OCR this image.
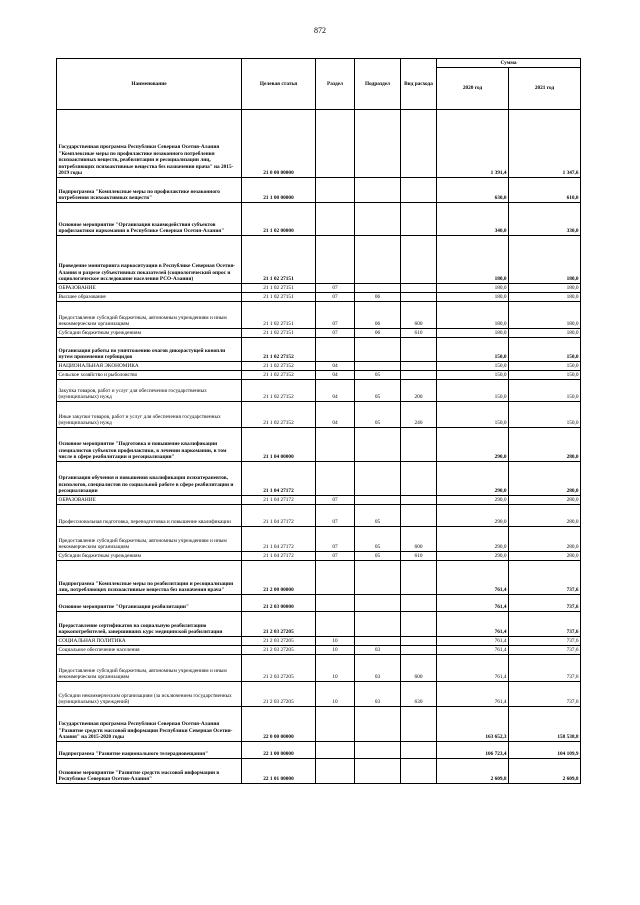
872
Наименование	Целевая статья	Раздел	Подраздел	Вид расхода	Сумма	
					2020 год	2021 год
Государственная программа Республики Северная Осетия-Алания "Комплексные меры по профилактике незаконного потребления психоактивных веществ, реабилитации и ресоциализации лиц, потребляющих психоактивные вещества без назначения врача" на 2015-2019 годы	21 0 00 00000				1 391,4	1 347,6
Подпрограмма "Комплексные меры по профилактике незаконного потребления психоактивных веществ"	21 1 00 00000				630,0	610,0
Основное мероприятие "Организация взаимодействия субъектов профилактики наркомании в Республике Северная Осетия-Алания"	21 1 02 00000				340,0	330,0
Проведение мониторинга наркоситуации в Республике Северная Осетия-Алания и разрезе субъективных показателей (социологический опрос и социологическое исследование населения РСО-Алания)	21 1 02 27151				180,0	180,0
ОБРАЗОВАНИЕ	21 1 02 27151	07			180,0	180,0
Высшее образование	21 1 02 27151	07	06		180,0	180,0
Предоставление субсидий бюджетным, автономным учреждениям и иным некоммерческим организациям	21 1 02 27151	07	06	600	180,0	180,0
Субсидии бюджетным учреждениям	21 1 02 27151	07	06	610	180,0	180,0
Организация работы по уничтожению очагов дикорастущей конопли путем применения гербицидов	21 1 02 27152				150,0	150,0
НАЦИОНАЛЬНАЯ ЭКОНОМИКА	21 1 02 27152	04			150,0	150,0
Сельское хозяйство и рыболовство	21 1 02 27152	04	05		150,0	150,0
Закупка товаров, работ и услуг для обеспечения государственных (муниципальных) нужд	21 1 02 27152	04	05	200	150,0	150,0
Иные закупки товаров, работ и услуг для обеспечения государственных (муниципальных) нужд	21 1 02 27152	04	05	240	150,0	150,0
Основное мероприятие "Подготовка и повышение квалификации специалистов субъектов профилактики, в лечении наркомании, в том числе в сфере реабилитации и ресоциализации"	21 1 04 00000				290,0	280,0
Организация обучения и повышения квалификации психотерапевтов, психологов, специалистов по социальной работе в сфере реабилитации и ресоциализации	21 1 04 27172				290,0	280,0
ОБРАЗОВАНИЕ	21 1 04 27172	07			290,0	280,0
Профессиональная подготовка, переподготовка и повышение квалификации	21 1 04 27172	07	05		290,0	280,0
Предоставление субсидий бюджетным, автономным учреждениям и иным некоммерческим организациям	21 1 04 27172	07	05	600	290,0	280,0
Субсидии бюджетным учреждениям	21 1 04 27172	07	05	610	290,0	280,0
Подпрограмма "Комплексные меры по реабилитации и ресоциализации лиц, потребляющих психоактивные вещества без назначения врача"	21 2 00 00000				761,4	737,6
Основное мероприятие "Организация реабилитации"	21 2 03 00000				761,4	737,6
Предоставление сертификатов на социальную реабилитацию наркопотребителей, завершивших курс медицинской реабилитации	21 2 03 27205				761,4	737,6
СОЦИАЛЬНАЯ ПОЛИТИКА	21 2 03 27205	10			761,4	737,6
Социальное обеспечение населения	21 2 03 27205	10	03		761,4	737,6
Предоставление субсидий бюджетным, автономным учреждениям и иным некоммерческим организациям	21 2 03 27205	10	03	600	761,4	737,6
Субсидии некоммерческим организациям (за исключением государственных (муниципальных) учреждений)	21 2 03 27205	10	03	630	761,4	737,6
Государственная программа Республики Северная Осетия-Алания "Развитие средств массовой информации Республики Северная Осетия-Алания" на 2015-2020 годы	22 0 00 00000				163 652,3	158 538,8
Подпрограмма "Развитие национального телерадиовещания"	22 1 00 00000				106 723,4	104 109,9
Основное мероприятие "Развитие средств массовой информации в Республике Северная Осетия-Алания"	22 1 01 00000				2 609,8	2 609,8
